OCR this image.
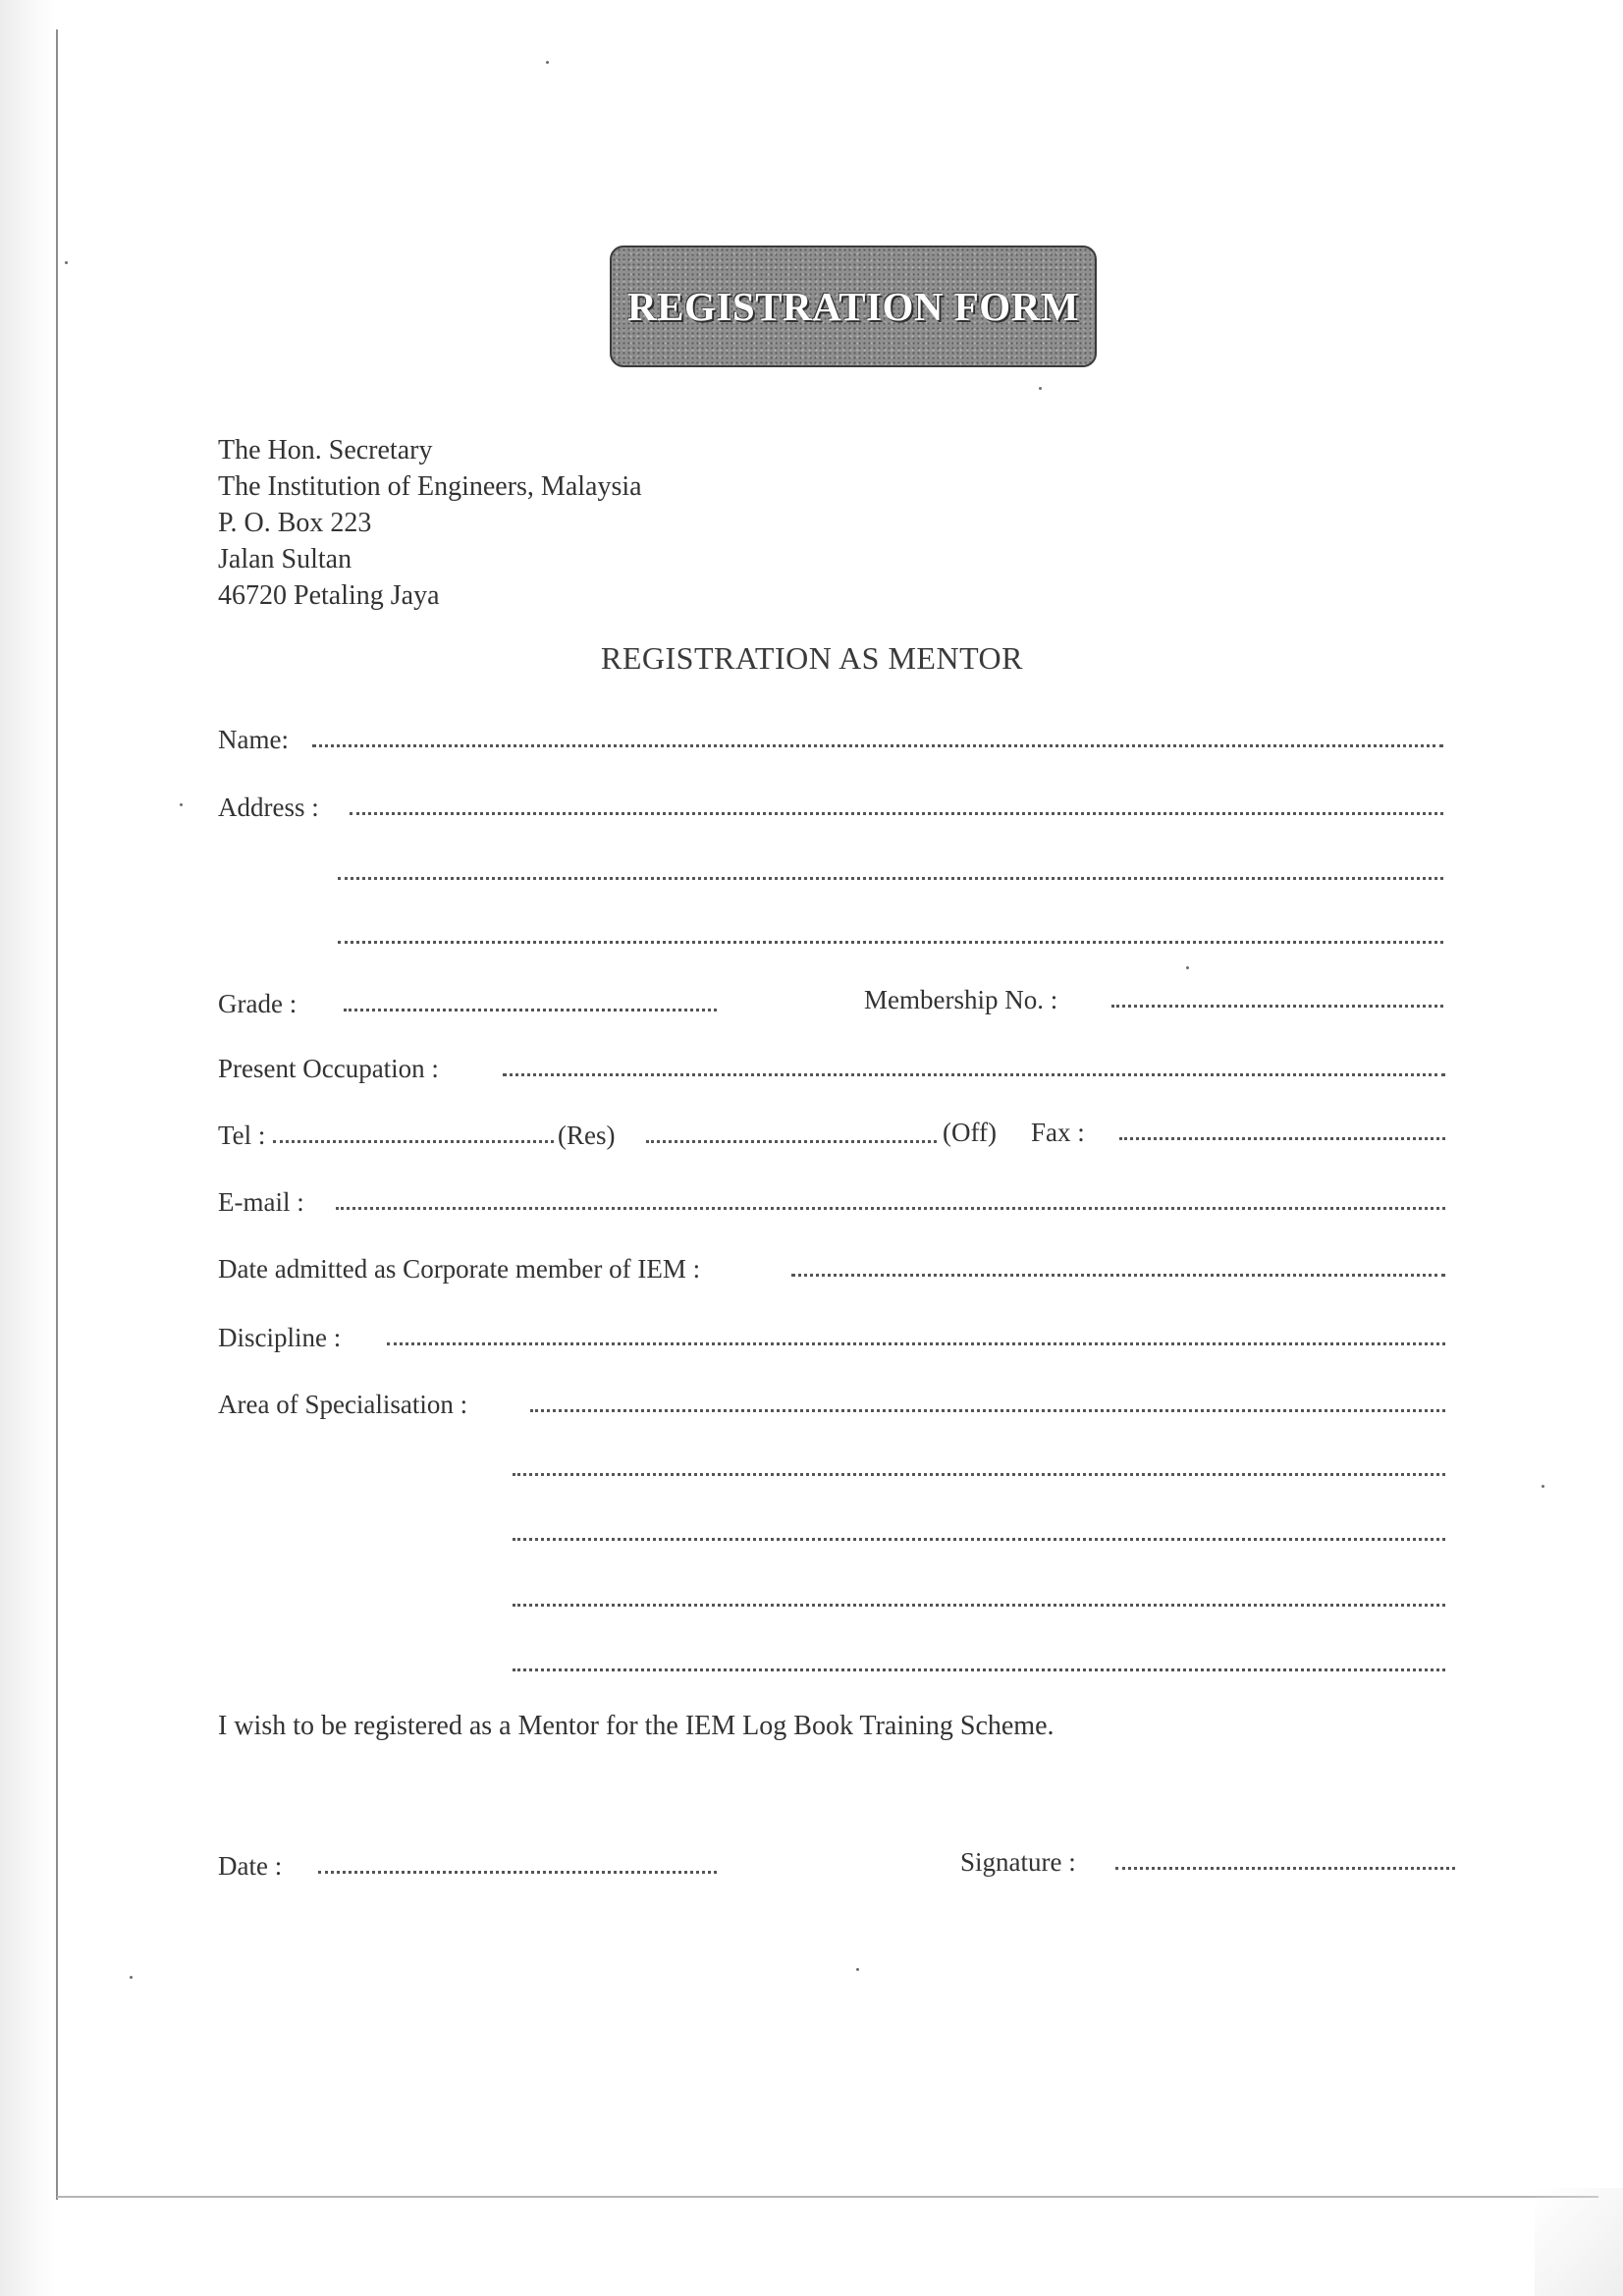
REGISTRATION FORM
The Hon. Secretary
The Institution of Engineers, Malaysia
P. O. Box 223
Jalan Sultan
46720 Petaling Jaya
REGISTRATION AS MENTOR
Name:
Address :
Grade :	Membership No. :
Present Occupation :
Tel :	(Res)	(Off) Fax :
E-mail :
Date admitted as Corporate member of IEM :
Discipline :
Area of Specialisation :
I wish to be registered as a Mentor for the IEM Log Book Training Scheme.
Date :	Signature :
